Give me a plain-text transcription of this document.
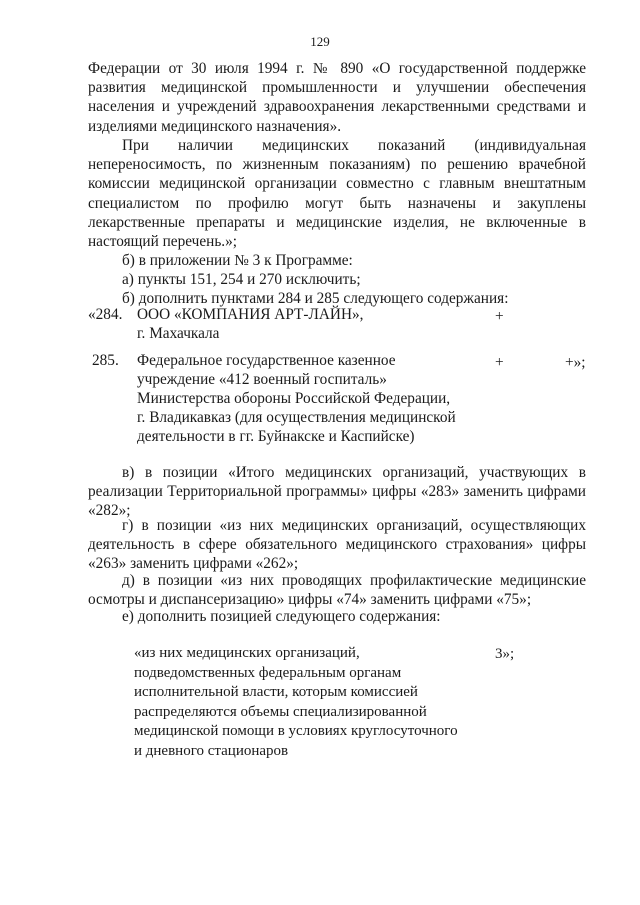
129
Федерации от 30 июля 1994 г. № 890 «О государственной поддержке
развития медицинской промышленности и улучшении обеспечения
населения и учреждений здравоохранения лекарственными средствами и
изделиями медицинского назначения».
При наличии медицинских показаний (индивидуальная
непереносимость, по жизненным показаниям) по решению врачебной
комиссии медицинской организации совместно с главным внештатным
специалистом по профилю могут быть назначены и закуплены
лекарственные препараты и медицинские изделия, не включенные в
настоящий перечень.»;
б) в приложении № 3 к Программе:
а) пункты 151, 254 и 270 исключить;
б) дополнить пунктами 284 и 285 следующего содержания:
«284. ООО «КОМПАНИЯ АРТ-ЛАЙН»,
г. Махачкала
+
285. Федеральное государственное казенное
учреждение «412 военный госпиталь»
Министерства обороны Российской Федерации,
г. Владикавказ (для осуществления медицинской
деятельности в гг. Буйнакске и Каспийске)
+	+»;
в) в позиции «Итого медицинских организаций, участвующих в
реализации Территориальной программы» цифры «283» заменить цифрами
«282»;
г) в позиции «из них медицинских организаций, осуществляющих
деятельность в сфере обязательного медицинского страхования» цифры
«263» заменить цифрами «262»;
д) в позиции «из них проводящих профилактические медицинские
осмотры и диспансеризацию» цифры «74» заменить цифрами «75»;
е) дополнить позицией следующего содержания:
«из них медицинских организаций,
подведомственных федеральным органам
исполнительной власти, которым комиссией
распределяются объемы специализированной
медицинской помощи в условиях круглосуточного
и дневного стационаров
3»;
